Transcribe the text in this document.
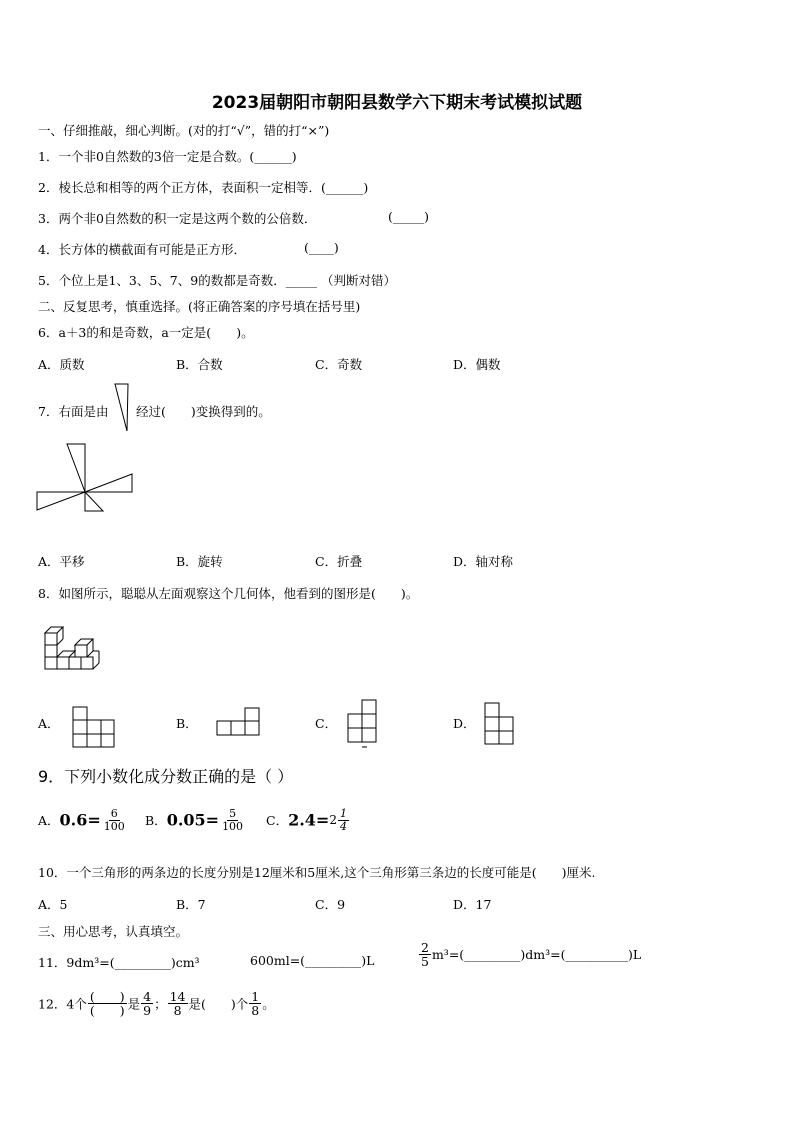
2023届朝阳市朝阳县数学六下期末考试模拟试题
一、仔细推敲，细心判断。(对的打“√”，错的打“×”)
1．一个非0自然数的3倍一定是合数。(______)
2．棱长总和相等的两个正方体，表面积一定相等．(______)
3．两个非0自然数的积一定是这两个数的公倍数．	(_____)
4．长方体的横截面有可能是正方形．	(____)
5．个位上是1、3、5、7、9的数都是奇数．_____ （判断对错）
二、反复思考，慎重选择。(将正确答案的序号填在括号里)
6．a＋3的和是奇数，a一定是(　　)。
A．质数	B．合数	C．奇数	D．偶数
7．右面是由 经过(　　)变换得到的。
A．平移	B．旋转	C．折叠	D．轴对称
8．如图所示，聪聪从左面观察这个几何体，他看到的图形是(　　)。
A．	B．	C．	D．
9．下列小数化成分数正确的是（ ）
A．$0.6= \frac{6}{100}$ B．$0.05= \frac{5}{100}$ C．$2.4=2 \frac{1}{4}$
10．一个三角形的两条边的长度分别是12厘米和5厘米,这个三角形第三条边的长度可能是(　　)厘米.
A．5	B．7	C．9	D．17
三、用心思考，认真填空。
11．9dm³=(_________)cm³	600ml=(_________)L	$\frac{2}{5}$ m³=(_________)dm³=(__________)L
12．4个 $\frac{( )}{( )}$ 是 $\frac{4}{9}$ ； $\frac{14}{8}$ 是(　　)个 $\frac{1}{8}$ 。
